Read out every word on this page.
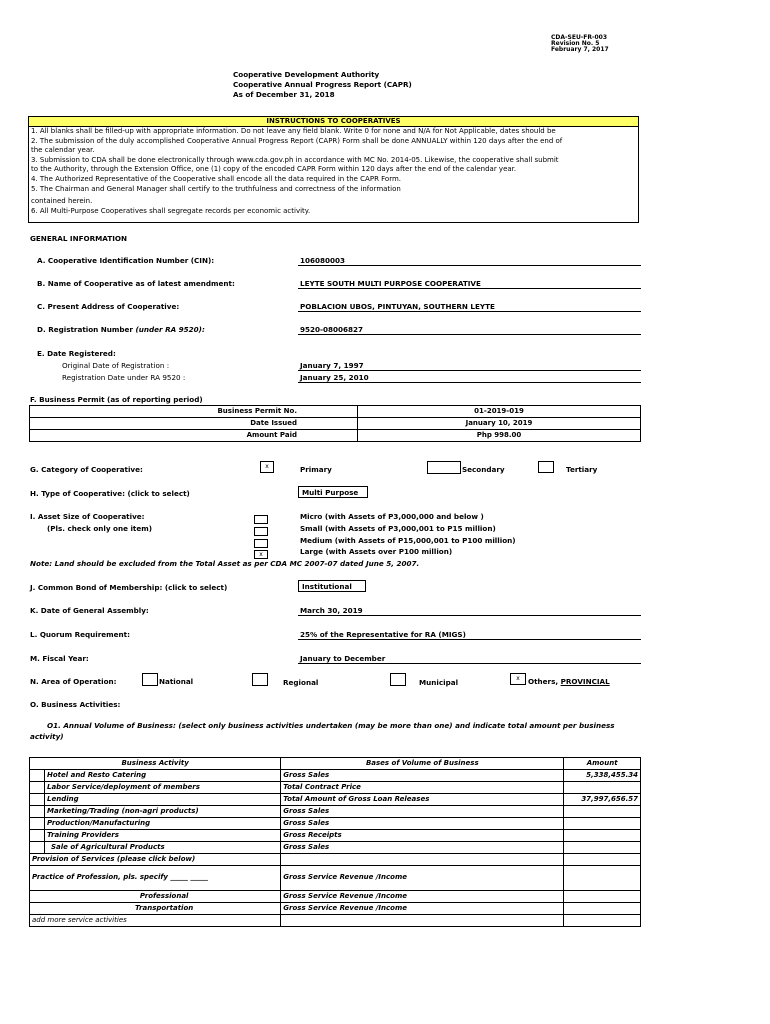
CDA-SEU-FR-003
Revision No. 5
February 7, 2017
Cooperative Development Authority
Cooperative Annual Progress Report (CAPR)
As of December 31, 2018
INSTRUCTIONS TO COOPERATIVES
1. All blanks shall be filled-up with appropriate information. Do not leave any field blank. Write 0 for none and N/A for Not Applicable, dates should be
2. The submission of the duly accomplished Cooperative Annual Progress Report (CAPR) Form shall be done ANNUALLY within 120 days after the end of
the calendar year.
3. Submission to CDA shall be done electronically through www.cda.gov.ph in accordance with MC No. 2014-05. Likewise, the cooperative shall submit
to the Authority, through the Extension Office, one (1) copy of the encoded CAPR Form within 120 days after the end of the calendar year.
4. The Authorized Representative of the Cooperative shall encode all the data required in the CAPR Form.
5. The Chairman and General Manager shall certify to the truthfulness and correctness of the information
contained herein.
6. All Multi-Purpose Cooperatives shall segregate records per economic activity.
GENERAL INFORMATION
A. Cooperative Identification Number (CIN):	106080003
B. Name of Cooperative as of latest amendment:	LEYTE SOUTH MULTI PURPOSE COOPERATIVE
C. Present Address of Cooperative:	POBLACION UBOS, PINTUYAN, SOUTHERN LEYTE
D. Registration Number (under RA 9520):	9520-08006827
E. Date Registered:
Original Date of Registration :	January 7, 1997
Registration Date under RA 9520 :	January 25, 2010
F. Business Permit (as of reporting period)
Business Permit No.	01-2019-019
Date Issued	January 10, 2019
Amount Paid	Php 998.00
G. Category of Cooperative:	x	Primary	Secondary	Tertiary
H. Type of Cooperative: (click to select)	Multi Purpose
I. Asset Size of Cooperative:
(Pls. check only one item)
x
Micro (with Assets of P3,000,000 and below )
Small (with Assets of P3,000,001 to P15 million)
Medium (with Assets of P15,000,001 to P100 million)
Large (with Assets over P100 million)
Note: Land should be excluded from the Total Asset as per CDA MC 2007-07 dated June 5, 2007.
J. Common Bond of Membership: (click to select)	Institutional
K. Date of General Assembly:	March 30, 2019
L. Quorum Requirement:	25% of the Representative for RA (MIGS)
M. Fiscal Year:	January to December
N. Area of Operation:	National	Regional	Municipal	x	Others, PROVINCIAL
O. Business Activities:
O1. Annual Volume of Business: (select only business activities undertaken (may be more than one) and indicate total amount per business
activity)
Business Activity		Bases of Volume of Business	Amount
	Hotel and Resto Catering	Gross Sales	5,338,455.34
	Labor Service/deployment of members	Total Contract Price	
	Lending	Total Amount of Gross Loan Releases	37,997,656.57
	Marketing/Trading (non-agri products)	Gross Sales	
	Production/Manufacturing	Gross Sales	
	Training Providers	Gross Receipts	
	Sale of Agricultural Products	Gross Sales	
Provision of Services (please click below)			
Practice of Profession, pls. specify _____ _____		Gross Service Revenue /Income	
Professional		Gross Service Revenue /Income	
Transportation		Gross Service Revenue /Income	
add more service activities			
